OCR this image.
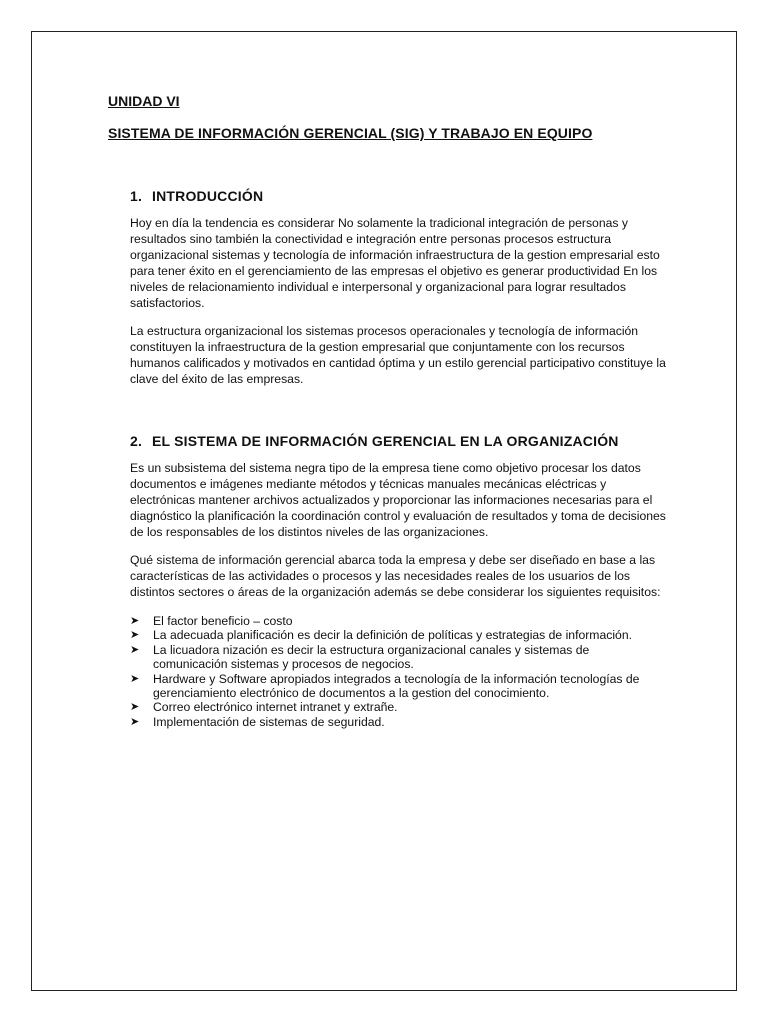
UNIDAD VI

SISTEMA DE INFORMACIÓN GERENCIAL (SIG) Y TRABAJO EN EQUIPO

1. INTRODUCCIÓN

Hoy en día la tendencia es considerar No solamente la tradicional integración de personas y resultados sino también la conectividad e integración entre personas procesos estructura organizacional sistemas y tecnología de información infraestructura de la gestion empresarial esto para tener éxito en el gerenciamiento de las empresas el objetivo es generar productividad En los niveles de relacionamiento individual e interpersonal y organizacional para lograr resultados satisfactorios.

La estructura organizacional los sistemas procesos operacionales y tecnología de información constituyen la infraestructura de la gestion empresarial que conjuntamente con los recursos humanos calificados y motivados en cantidad óptima y un estilo gerencial participativo constituye la clave del éxito de las empresas.

2. EL SISTEMA DE INFORMACIÓN GERENCIAL EN LA ORGANIZACIÓN

Es un subsistema del sistema negra tipo de la empresa tiene como objetivo procesar los datos documentos e imágenes mediante métodos y técnicas manuales mecánicas eléctricas y electrónicas mantener archivos actualizados y proporcionar las informaciones necesarias para el diagnóstico la planificación la coordinación control y evaluación de resultados y toma de decisiones de los responsables de los distintos niveles de las organizaciones.

Qué sistema de información gerencial abarca toda la empresa y debe ser diseñado en base a las características de las actividades o procesos y las necesidades reales de los usuarios de los distintos sectores o áreas de la organización además se debe considerar los siguientes requisitos:

➤ El factor beneficio – costo
➤ La adecuada planificación es decir la definición de políticas y estrategias de información.
➤ La licuadora nización es decir la estructura organizacional canales y sistemas de comunicación sistemas y procesos de negocios.
➤ Hardware y Software apropiados integrados a tecnología de la información tecnologías de gerenciamiento electrónico de documentos a la gestion del conocimiento.
➤ Correo electrónico internet intranet y extrañe.
➤ Implementación de sistemas de seguridad.
